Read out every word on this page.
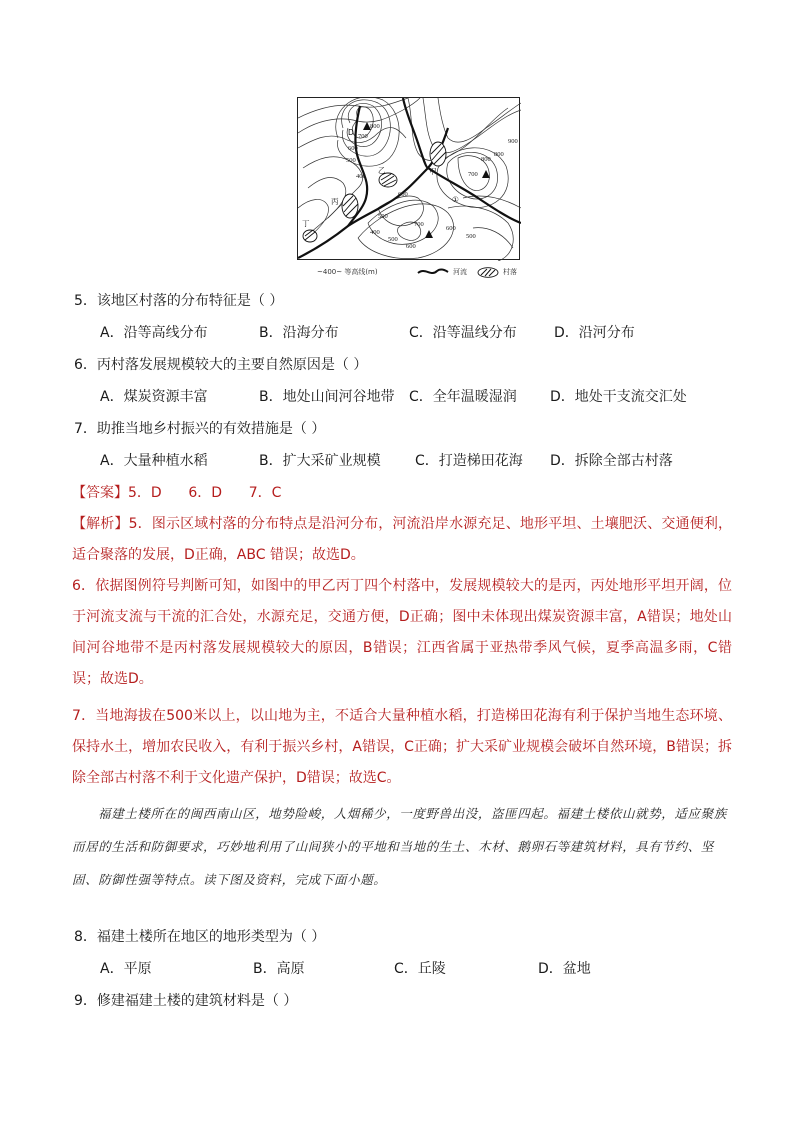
800
700
600
500
400
800
700
600
500
400
500
600
700
600
500
800
900
甲
乙
丙
丁
D
①
~400~ 等高线(m)	河流	村落
5．该地区村落的分布特征是（ ）
A．沿等高线分布	B．沿海分布	C．沿等温线分布	D．沿河分布
6．丙村落发展规模较大的主要自然原因是（ ）
A．煤炭资源丰富	B．地处山间河谷地带 C．全年温暖湿润 D．地处干支流交汇处
7．助推当地乡村振兴的有效措施是（ ）
A．大量种植水稻	B．扩大采矿业规模 C．打造梯田花海 D．拆除全部古村落
【答案】5．D      6．D      7．C
【解析】5．图示区域村落的分布特点是沿河分布，河流沿岸水源充足、地形平坦、土壤肥沃、交通便利，适合聚落的发展，D正确，ABC 错误；故选D。
6．依据图例符号判断可知，如图中的甲乙丙丁四个村落中，发展规模较大的是丙，丙处地形平坦开阔，位于河流支流与干流的汇合处，水源充足，交通方便，D正确；图中未体现出煤炭资源丰富，A错误；地处山间河谷地带不是丙村落发展规模较大的原因，B错误；江西省属于亚热带季风气候，夏季高温多雨，C错误；故选D。
7．当地海拔在500米以上，以山地为主，不适合大量种植水稻，打造梯田花海有利于保护当地生态环境、保持水土，增加农民收入，有利于振兴乡村，A错误，C正确；扩大采矿业规模会破坏自然环境，B错误；拆除全部古村落不利于文化遗产保护，D错误；故选C。
福建土楼所在的闽西南山区，地势险峻，人烟稀少，一度野兽出没，盗匪四起。福建土楼依山就势，适应聚族而居的生活和防御要求，巧妙地利用了山间狭小的平地和当地的生土、木材、鹅卵石等建筑材料，具有节约、坚固、防御性强等特点。读下图及资料，完成下面小题。
8．福建土楼所在地区的地形类型为（ ）
A．平原	B．高原	C．丘陵	D．盆地
9．修建福建土楼的建筑材料是（ ）
